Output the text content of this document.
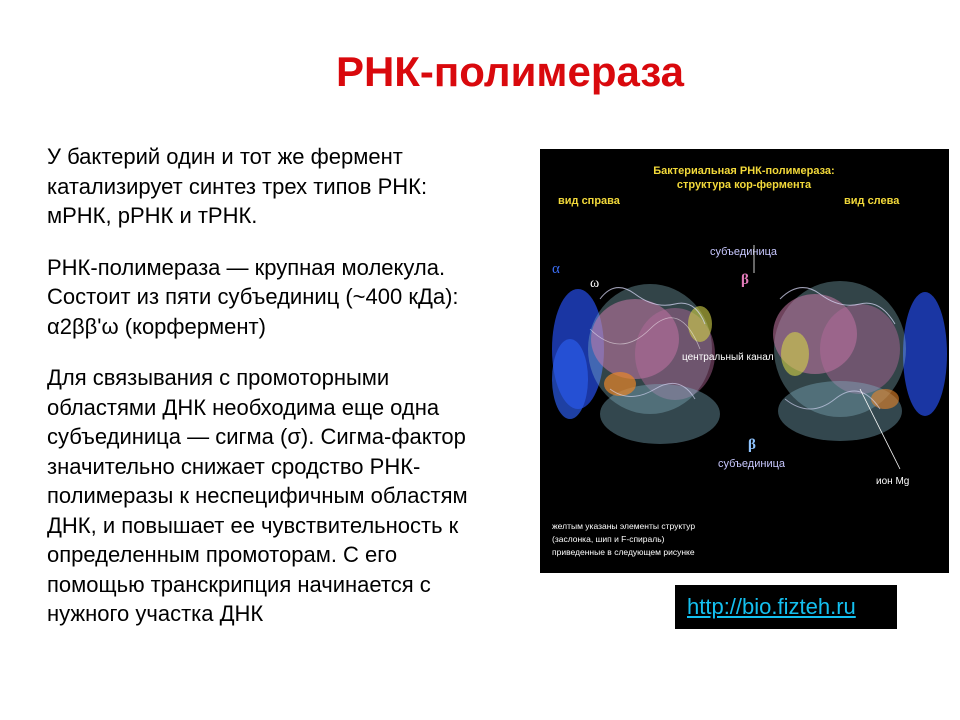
РНК-полимераза

У бактерий один и тот же фермент
катализирует синтез трех типов РНК:
мРНК, рРНК и тРНК.

РНК-полимераза — крупная молекула.
Состоит из пяти субъединиц (~400 кДа):
α2ββ'ω (корфермент)

Для связывания с промоторными
областями ДНК необходима еще одна
субъединица — сигма (σ). Сигма-фактор
значительно снижает сродство РНК-
полимеразы к неспецифичным областям
ДНК, и повышает ее чувствительность к
определенным промоторам. С его
помощью транскрипция начинается с
нужного участка ДНК

Бактериальная РНК-полимераза:
структура кор-фермента
вид справа	вид слева
α
ω
субъединица
β
центральный канал
β
субъединица
ион Mg
желтым указаны элементы структур
(заслонка, шип и F-спираль)
приведенные в следующем рисунке
http://bio.fizteh.ru
